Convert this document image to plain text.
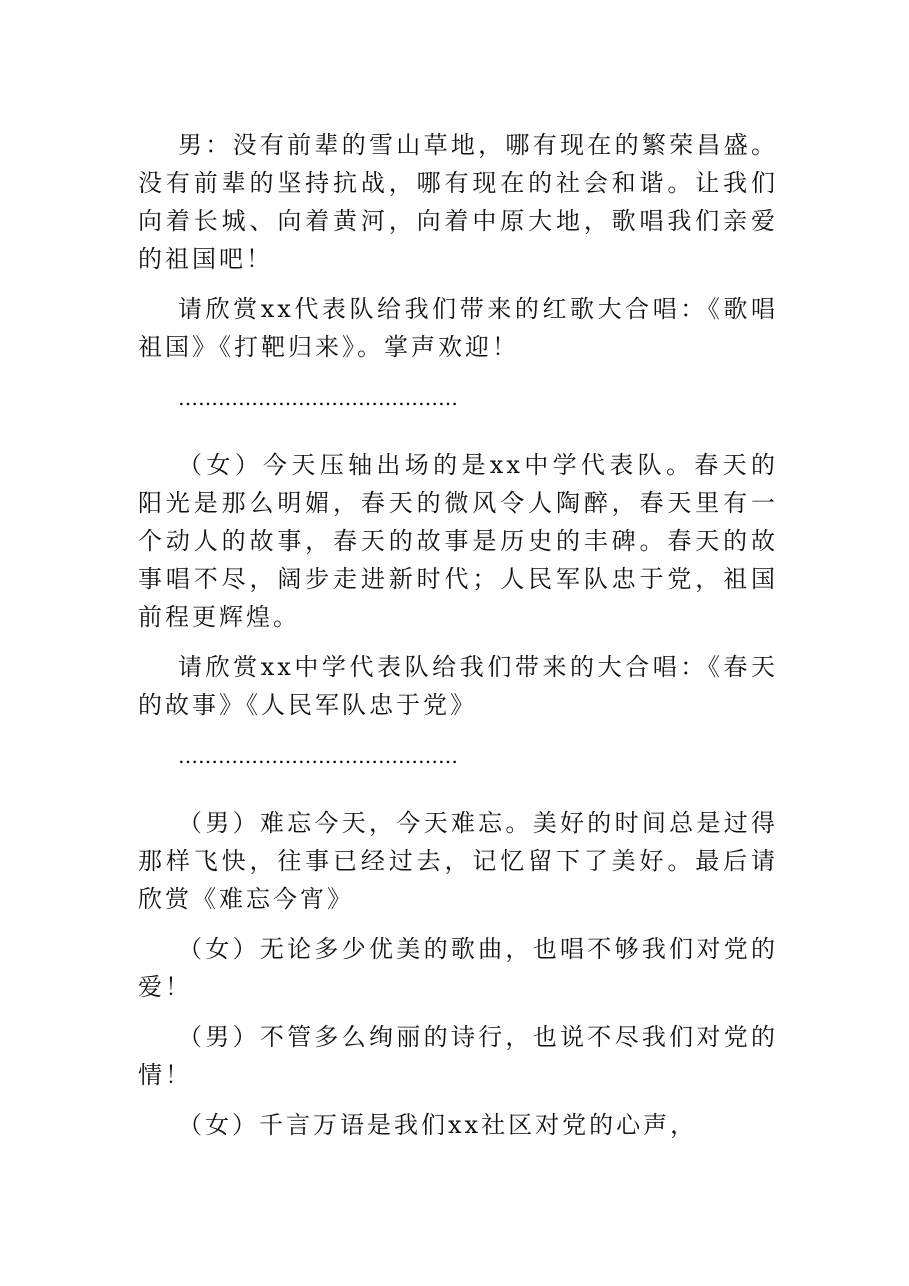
男：没有前辈的雪山草地，哪有现在的繁荣昌盛。没有前辈的坚持抗战，哪有现在的社会和谐。让我们向着长城、向着黄河，向着中原大地，歌唱我们亲爱的祖国吧！

请欣赏xx代表队给我们带来的红歌大合唱：《歌唱祖国》《打靶归来》。掌声欢迎！

……………………………………

（女）今天压轴出场的是xx中学代表队。春天的阳光是那么明媚，春天的微风令人陶醉，春天里有一个动人的故事，春天的故事是历史的丰碑。春天的故事唱不尽，阔步走进新时代；人民军队忠于党，祖国前程更辉煌。

请欣赏xx中学代表队给我们带来的大合唱：《春天的故事》《人民军队忠于党》

……………………………………

（男）难忘今天，今天难忘。美好的时间总是过得那样飞快，往事已经过去，记忆留下了美好。最后请欣赏《难忘今宵》

（女）无论多少优美的歌曲，也唱不够我们对党的爱！

（男）不管多么绚丽的诗行，也说不尽我们对党的情！

（女）千言万语是我们xx社区对党的心声，
